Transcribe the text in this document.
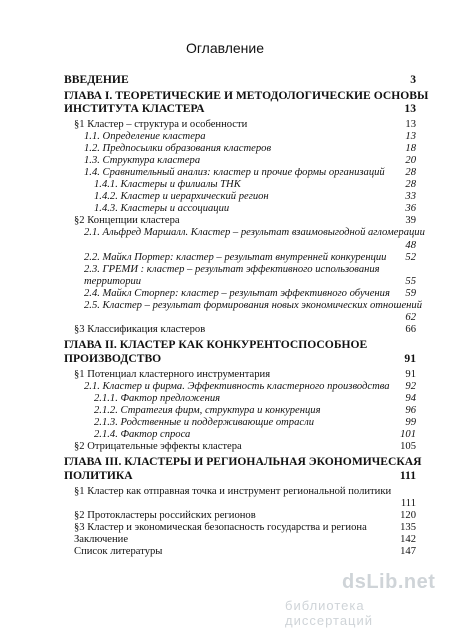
Оглавление
ВВЕДЕНИЕ	3
ГЛАВА I. ТЕОРЕТИЧЕСКИЕ И МЕТОДОЛОГИЧЕСКИЕ ОСНОВЫ
ИНСТИТУТА КЛАСТЕРА	13
§1 Кластер – структура и особенности	13
1.1. Определение кластера	13
1.2. Предпосылки образования кластеров	18
1.3. Структура кластера	20
1.4. Сравнительный анализ: кластер и прочие формы организаций	28
1.4.1. Кластеры и филиалы ТНК	28
1.4.2. Кластер и иерархический регион	33
1.4.3. Кластеры и ассоциации	36
§2 Концепции кластера	39
2.1. Альфред Маршалл. Кластер – результат взаимовыгодной агломерации
48
2.2. Майкл Портер: кластер – результат внутренней конкуренции	52
2.3. ГРЕМИ : кластер – результат эффективного использования
территории	55
2.4. Майкл Сторпер: кластер – результат эффективного обучения	59
2.5. Кластер – результат формирования новых экономических отношений
62
§3 Классификация кластеров	66
ГЛАВА II. КЛАСТЕР КАК КОНКУРЕНТОСПОСОБНОЕ
ПРОИЗВОДСТВО	91
§1 Потенциал кластерного инструментария	91
2.1. Кластер и фирма. Эффективность кластерного производства	92
2.1.1. Фактор предложения	94
2.1.2. Стратегия фирм, структура и конкуренция	96
2.1.3. Родственные и поддерживающие отрасли	99
2.1.4. Фактор спроса	101
§2 Отрицательные эффекты кластера	105
ГЛАВА III. КЛАСТЕРЫ И РЕГИОНАЛЬНАЯ ЭКОНОМИЧЕСКАЯ
ПОЛИТИКА	111
§1 Кластер как отправная точка и инструмент региональной политики
111
§2 Протокластеры российских регионов	120
§3 Кластер и экономическая безопасность государства и региона	135
Заключение	142
Список литературы	147
dsLib.net
библиотека диссертаций
